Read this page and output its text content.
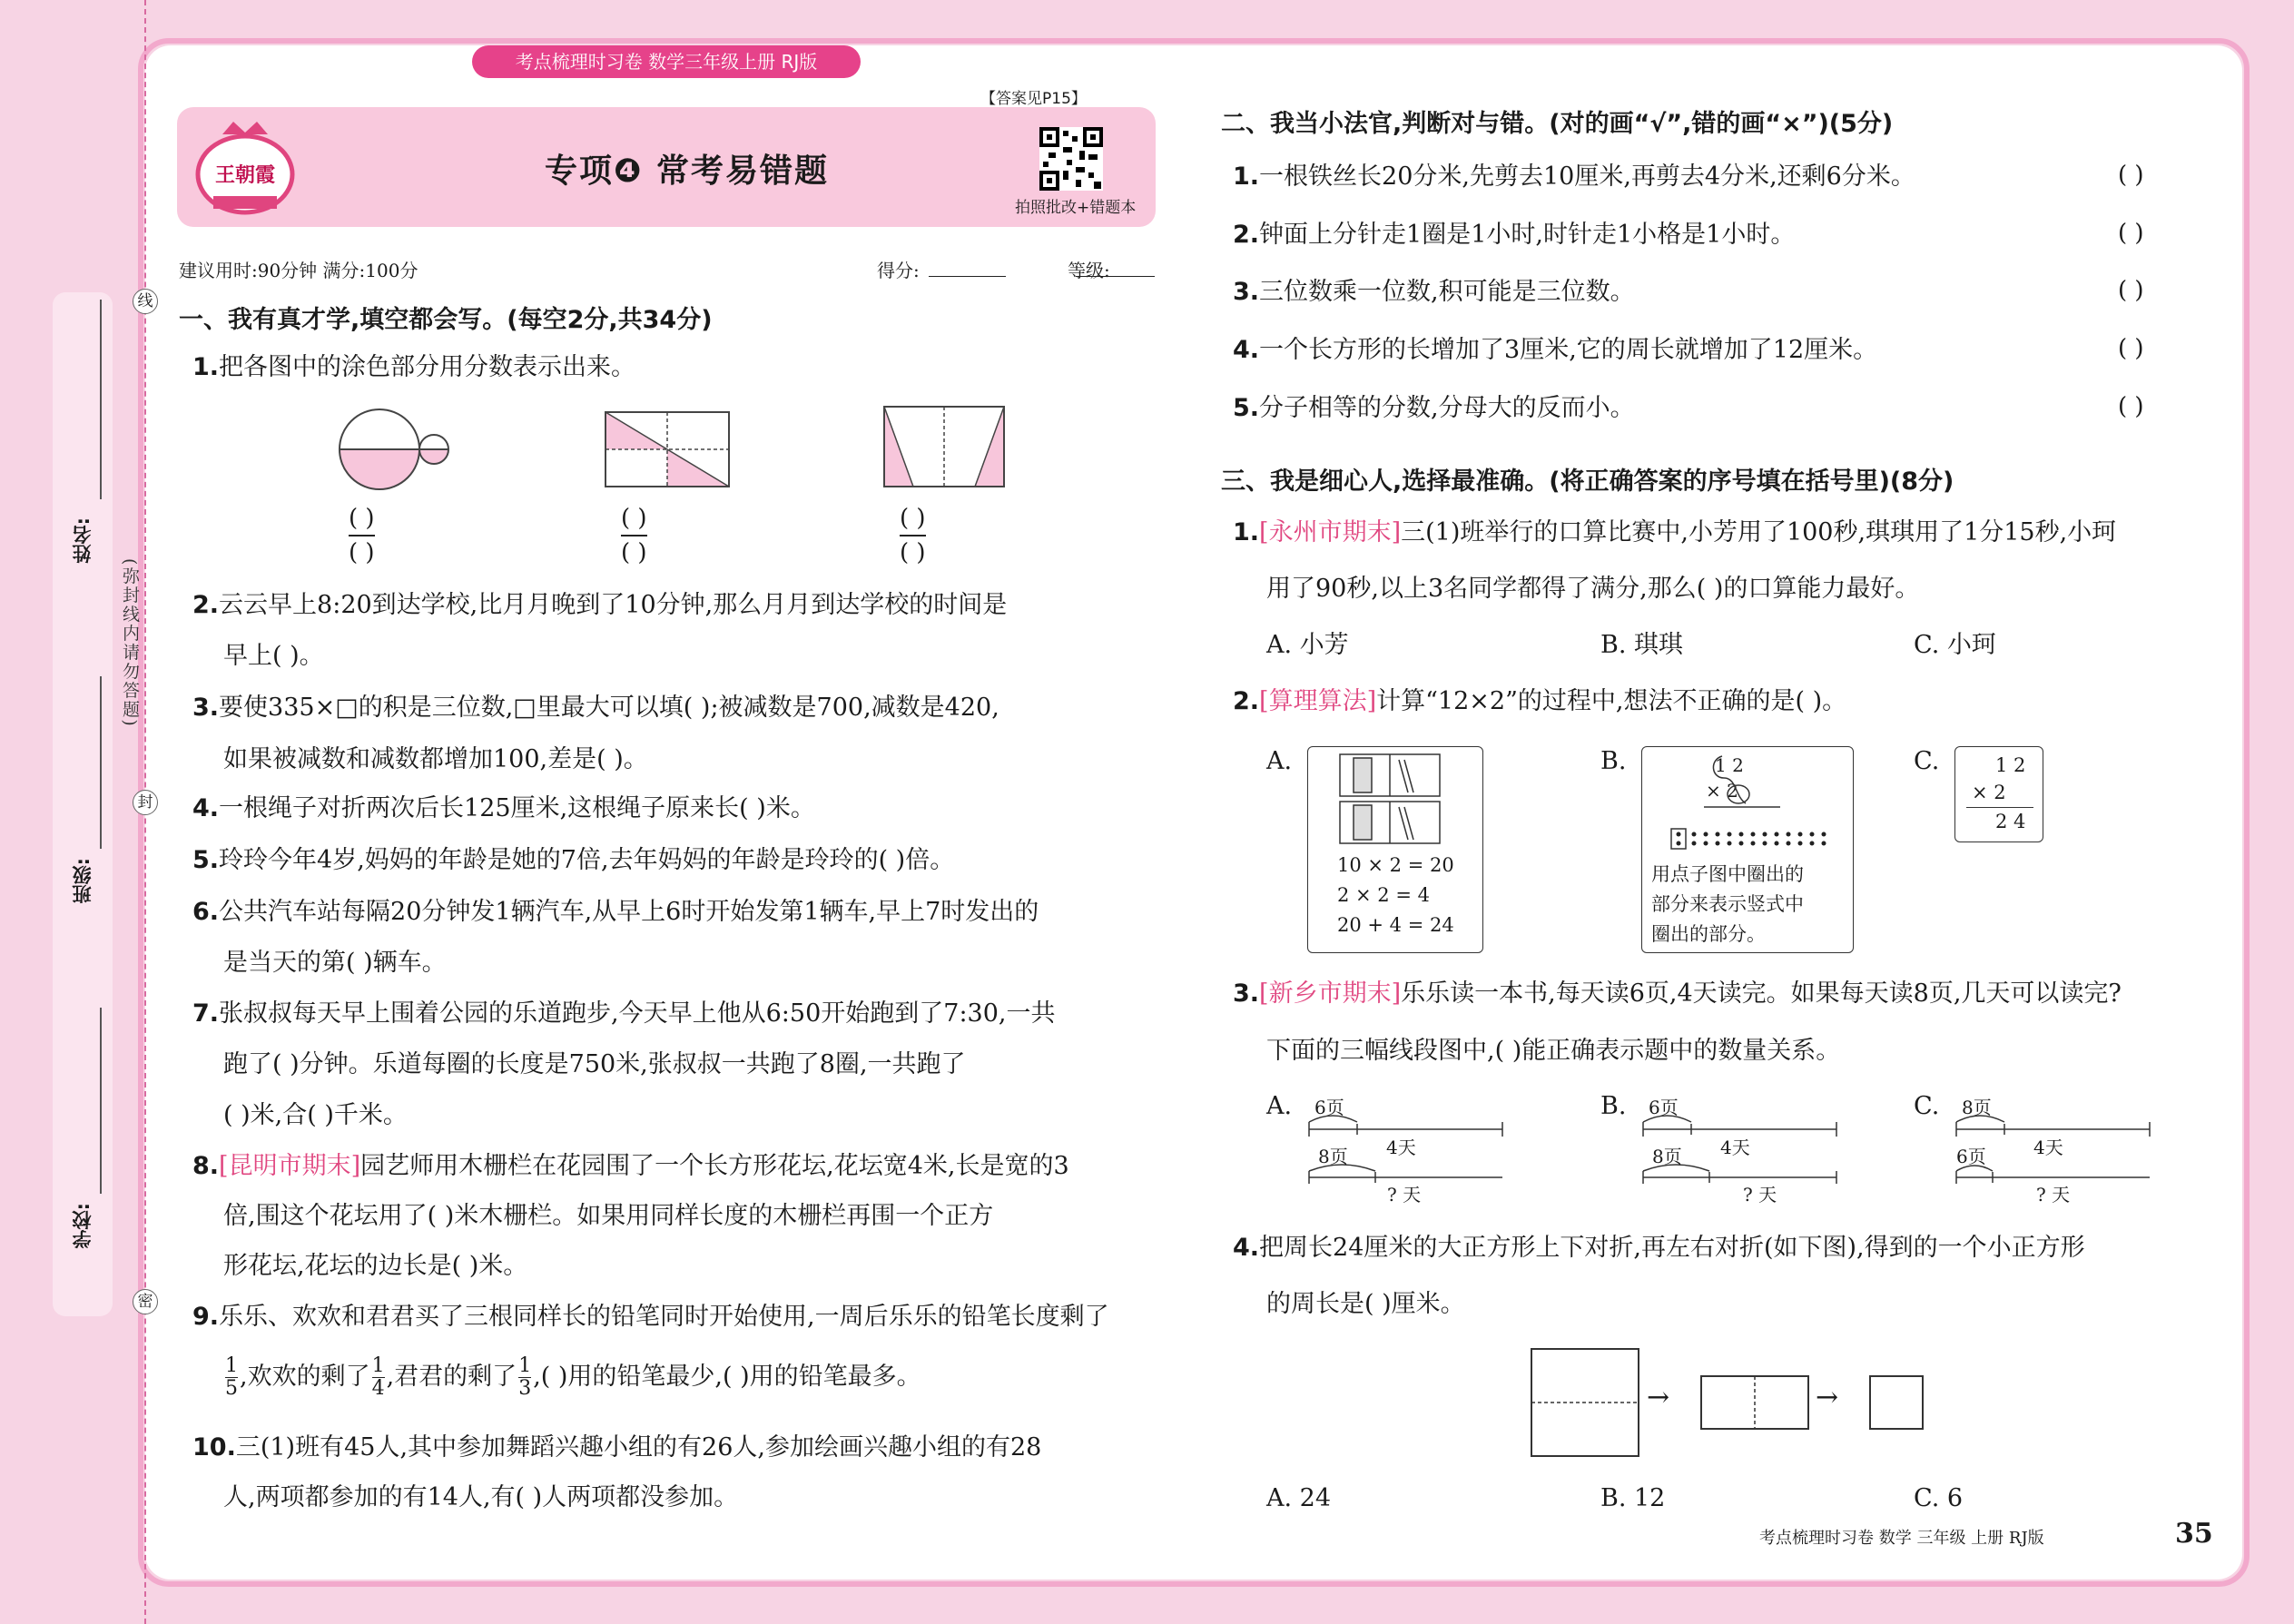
姓名:
班级:
学校:
(弥封线内请勿答题)
线
封
密
考点梳理时习卷 数学三年级上册 RJ版
王朝霞
【答案见P15】
专项❹ 常考易错题
拍照批改+错题本
建议用时:90分钟 满分:100分	得分:	等级:
一、我有真才学,填空都会写。(每空2分,共34分)
1.把各图中的涂色部分用分数表示出来。
( )
( )
( )
( )
( )
( )
2.云云早上8:20到达学校,比月月晚到了10分钟,那么月月到达学校的时间是
早上( )。
3.要使335×□的积是三位数,□里最大可以填( );被减数是700,减数是420,
如果被减数和减数都增加100,差是( )。
4.一根绳子对折两次后长125厘米,这根绳子原来长( )米。
5.玲玲今年4岁,妈妈的年龄是她的7倍,去年妈妈的年龄是玲玲的( )倍。
6.公共汽车站每隔20分钟发1辆汽车,从早上6时开始发第1辆车,早上7时发出的
是当天的第( )辆车。
7.张叔叔每天早上围着公园的乐道跑步,今天早上他从6:50开始跑到了7:30,一共
跑了( )分钟。乐道每圈的长度是750米,张叔叔一共跑了8圈,一共跑了
( )米,合( )千米。
8.[昆明市期末]园艺师用木栅栏在花园围了一个长方形花坛,花坛宽4米,长是宽的3
倍,围这个花坛用了( )米木栅栏。如果用同样长度的木栅栏再围一个正方
形花坛,花坛的边长是( )米。
9.乐乐、欢欢和君君买了三根同样长的铅笔同时开始使用,一周后乐乐的铅笔长度剩了
$\frac{1}{5}$ ,欢欢的剩了 $\frac{1}{4}$ ,君君的剩了 $\frac{1}{3}$ ,( )用的铅笔最少,( )用的铅笔最多。
10.三(1)班有45人,其中参加舞蹈兴趣小组的有26人,参加绘画兴趣小组的有28
人,两项都参加的有14人,有( )人两项都没参加。
二、我当小法官,判断对与错。(对的画“√”,错的画“×”)(5分)
1.一根铁丝长20分米,先剪去10厘米,再剪去4分米,还剩6分米。	( )
2.钟面上分针走1圈是1小时,时针走1小格是1小时。	( )
3.三位数乘一位数,积可能是三位数。	( )
4.一个长方形的长增加了3厘米,它的周长就增加了12厘米。	( )
5.分子相等的分数,分母大的反而小。	( )
三、我是细心人,选择最准确。(将正确答案的序号填在括号里)(8分)
1.[永州市期末]三(1)班举行的口算比赛中,小芳用了100秒,琪琪用了1分15秒,小珂
用了90秒,以上3名同学都得了满分,那么( )的口算能力最好。
A. 小芳	B. 琪琪	C. 小珂
2.[算理算法]计算“12×2”的过程中,想法不正确的是( )。
A.
10 × 2 = 20
2 × 2 = 4
20 + 4 = 24
B.	1 2
× 2
用点子图中圈出的
部分来表示竖式中
圈出的部分。
C.	1 2
× 2
2 4
3.[新乡市期末]乐乐读一本书,每天读6页,4天读完。如果每天读8页,几天可以读完?
下面的三幅线段图中,( )能正确表示题中的数量关系。
A. 6页
4天
8页
? 天
B. 6页
4天
8页
? 天
C. 8页
4天
6页
? 天
4.把周长24厘米的大正方形上下对折,再左右对折(如下图),得到的一个小正方形
的周长是( )厘米。
→	→
A. 24	B. 12	C. 6
考点梳理时习卷 数学 三年级 上册 RJ版	35
